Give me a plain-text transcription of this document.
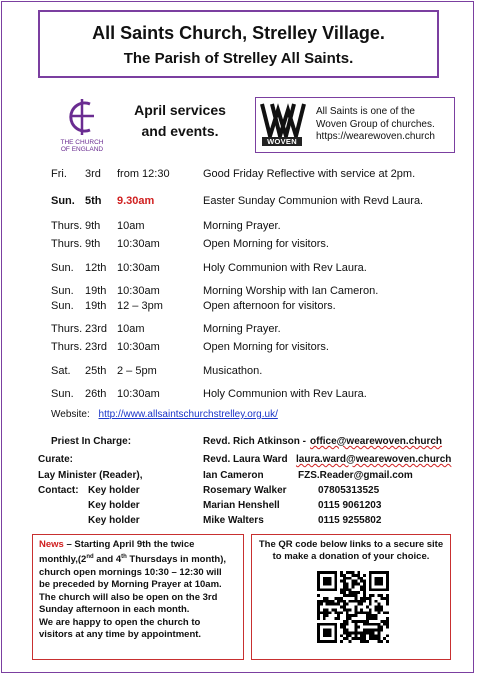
All Saints Church, Strelley Village.
The Parish of Strelley All Saints.
THE CHURCH
OF ENGLAND
April services
and events.
WOVEN
All Saints is one of the
Woven Group of churches.
https://wearewoven.church
Fri. 3rd from 12:30	Good Friday Reflective with service at 2pm.
Sun. 5th 9.30am	Easter Sunday Communion with Revd Laura.
Thurs. 9th 10am	Morning Prayer.
Thurs. 9th 10:30am	Open Morning for visitors.
Sun. 12th 10:30am	Holy Communion with Rev Laura.
Sun. 19th 10:30am	Morning Worship with Ian Cameron.
Sun. 19th 12 – 3pm	Open afternoon for visitors.
Thurs. 23rd 10am	Morning Prayer.
Thurs. 23rd 10:30am	Open Morning for visitors.
Sat. 25th 2 – 5pm	Musicathon.
Sun. 26th 10:30am	Holy Communion with Rev Laura.
Website: http://www.allsaintschurchstrelley.org.uk/
Priest In Charge:	Revd. Rich Atkinson - office@wearewoven.church
Curate:	Revd. Laura Ward laura.ward@wearewoven.church
Lay Minister (Reader),	Ian Cameron	FZS.Reader@gmail.com
Contact: Key holder	Rosemary Walker	07805313525
Key holder	Marian Henshell	0115 9061203
Key holder	Mike Walters	0115 9255802
News – Starting April 9th the twice
monthly,(2nd and 4th Thursdays in month),
church open mornings 10:30 – 12:30 will
be preceded by Morning Prayer at 10am.
The church will also be open on the 3rd
Sunday afternoon in each month.
We are happy to open the church to
visitors at any time by appointment.
The QR code below links to a secure site
to make a donation of your choice.
